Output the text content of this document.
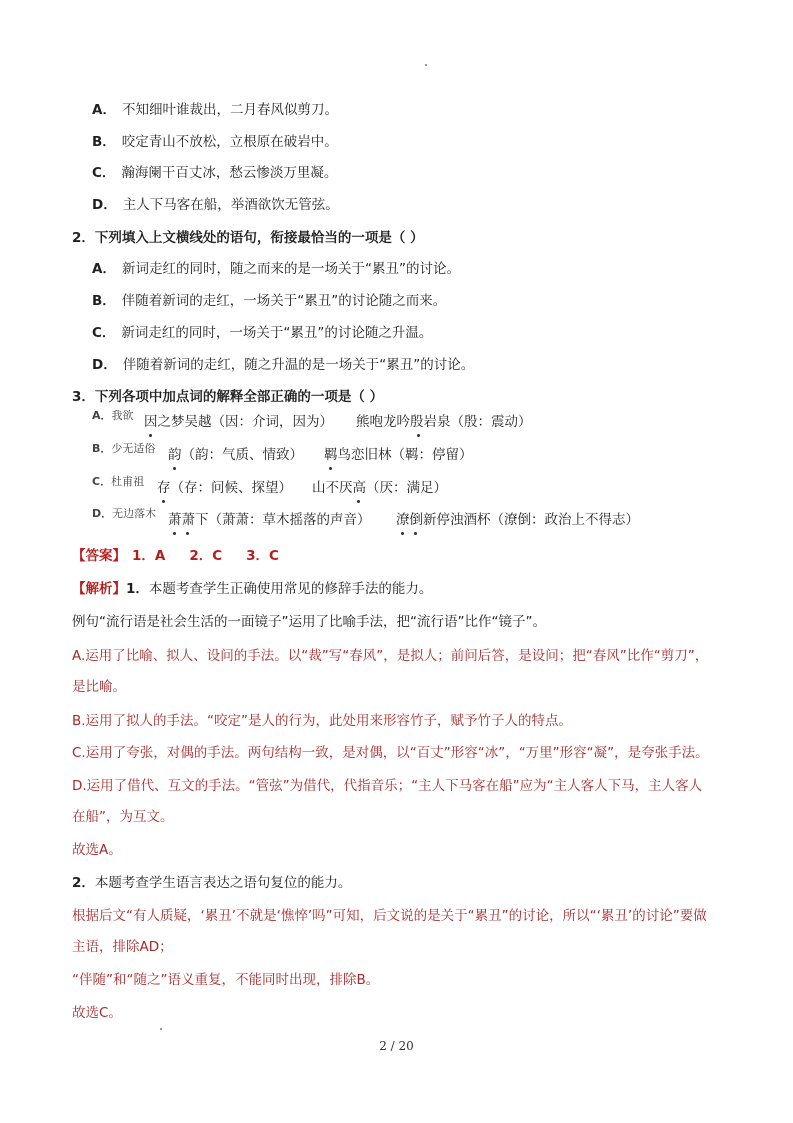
A． 不知细叶谁裁出，二月春风似剪刀。
B． 咬定青山不放松，立根原在破岩中。
C． 瀚海阑干百丈冰，愁云惨淡万里凝。
D． 主人下马客在船，举酒欲饮无管弦。
2．下列填入上文横线处的语句，衔接最恰当的一项是（ ）
A． 新词走红的同时，随之而来的是一场关于“累丑”的讨论。
B． 伴随着新词的走红，一场关于“累丑”的讨论随之而来。
C． 新词走红的同时，一场关于“累丑”的讨论随之升温。
D． 伴随着新词的走红，随之升温的是一场关于“累丑”的讨论。
3．下列各项中加点词的解释全部正确的一项是（ ）
A．我欲 因之梦吴越（因：介词，因为） 熊咆龙吟殷岩泉（殷：震动）
B．少无适俗 韵（韵：气质、情致） 羁鸟恋旧林（羁：停留）
C．杜甫祖 存（存：问候、探望） 山不厌高（厌：满足）
D．无边落木 萧萧下（萧萧：草木摇落的声音） 潦倒新停浊酒杯（潦倒：政治上不得志）
【答案】 1．A 2．C 3．C
【解析】1．本题考查学生正确使用常见的修辞手法的能力。
例句“流行语是社会生活的一面镜子”运用了比喻手法，把“流行语”比作“镜子”。
A.运用了比喻、拟人、设问的手法。以“裁”写“春风”，是拟人；前问后答，是设问；把“春风”比作“剪刀”，
是比喻。
B.运用了拟人的手法。“咬定”是人的行为，此处用来形容竹子，赋予竹子人的特点。
C.运用了夸张，对偶的手法。两句结构一致，是对偶，以“百丈”形容“冰”，“万里”形容“凝”，是夸张手法。
D.运用了借代、互文的手法。“管弦”为借代，代指音乐；“主人下马客在船”应为“主人客人下马，主人客人
在船”，为互文。
故选A。
2．本题考查学生语言表达之语句复位的能力。
根据后文“有人质疑，‘累丑’不就是‘憔悴’吗”可知，后文说的是关于“累丑”的讨论，所以“‘累丑’的讨论”要做
主语，排除AD；
“伴随”和“随之”语义重复，不能同时出现，排除B。
故选C。
2 / 20
